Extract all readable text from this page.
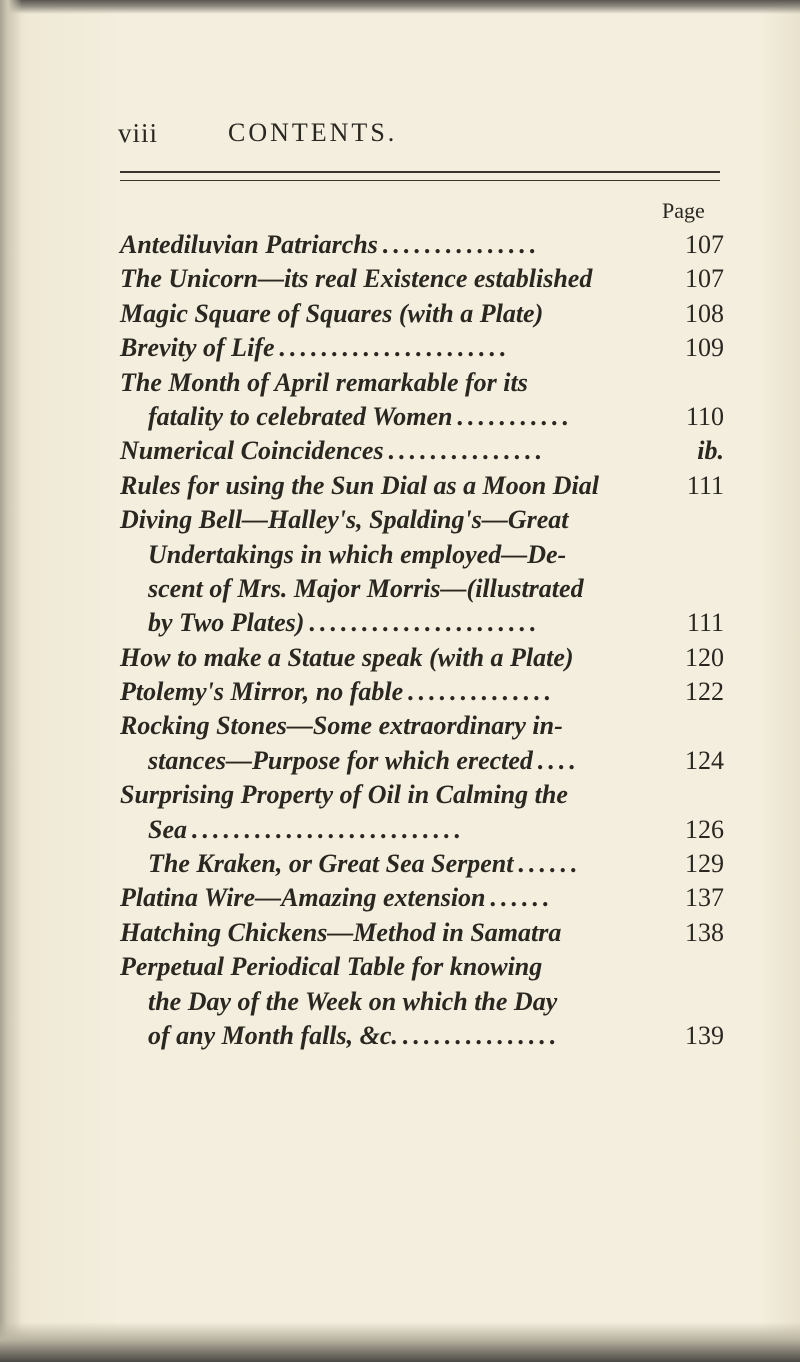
viii	CONTENTS.
Page
Antediluvian Patriarchs ...............	107
The Unicorn—its real Existence established	107
Magic Square of Squares (with a Plate)	108
Brevity of Life ......................	109
The Month of April remarkable for its
fatality to celebrated Women ...........	110
Numerical Coincidences ...............	ib.
Rules for using the Sun Dial as a Moon Dial	111
Diving Bell—Halley's, Spalding's—Great
Undertakings in which employed—De-
scent of Mrs. Major Morris—(illustrated
by Two Plates) ......................	111
How to make a Statue speak (with a Plate)	120
Ptolemy's Mirror, no fable ..............	122
Rocking Stones—Some extraordinary in-
stances—Purpose for which erected ....	124
Surprising Property of Oil in Calming the
Sea ..........................	126
The Kraken, or Great Sea Serpent ......	129
Platina Wire—Amazing extension ......	137
Hatching Chickens—Method in Samatra	138
Perpetual Periodical Table for knowing
the Day of the Week on which the Day
of any Month falls, &c. ...............	139
